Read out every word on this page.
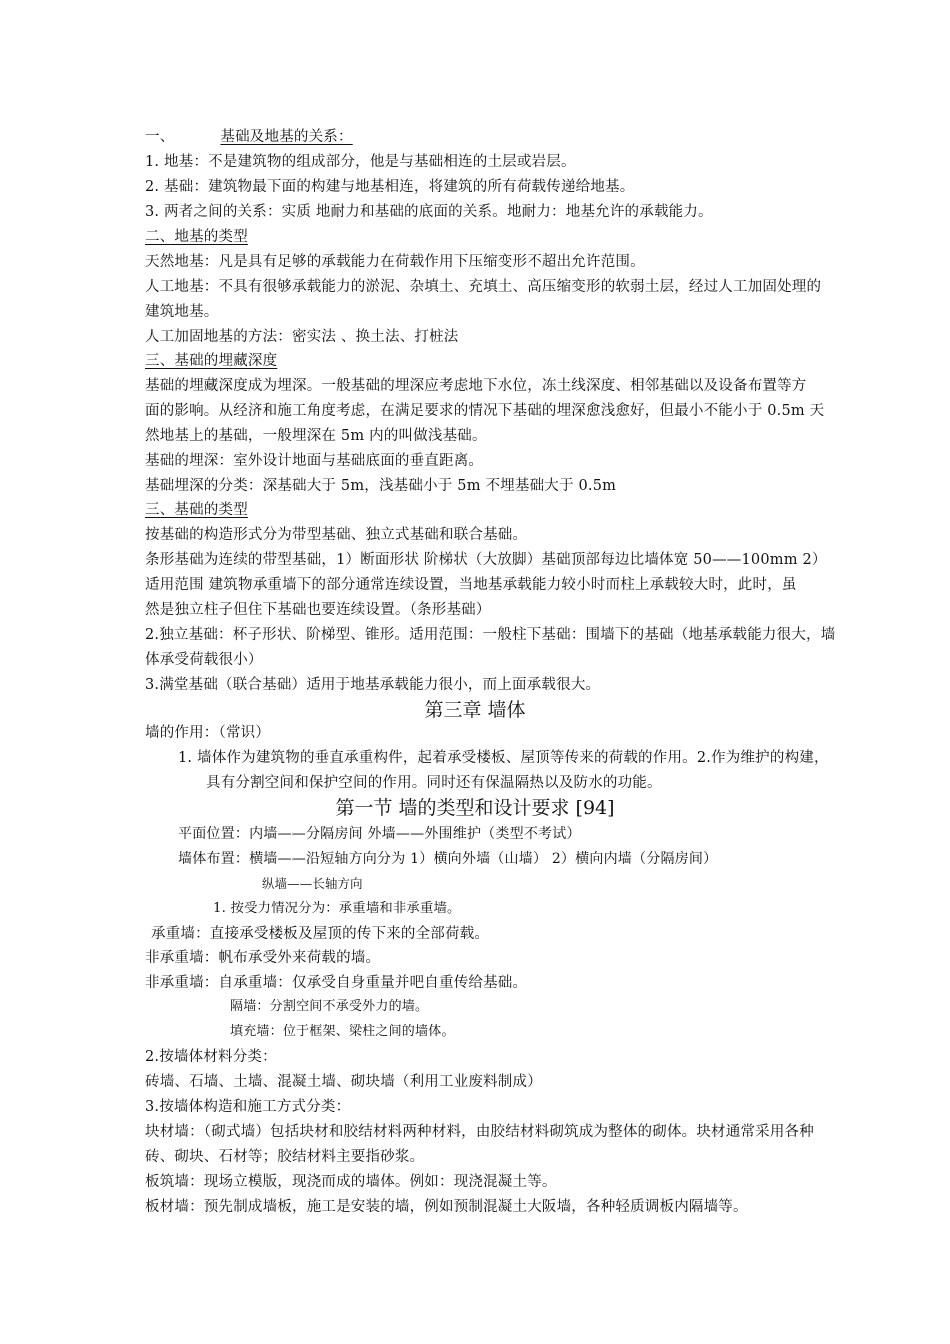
一、	基础及地基的关系：
1. 地基：不是建筑物的组成部分，他是与基础相连的土层或岩层。
2. 基础：建筑物最下面的构建与地基相连，将建筑的所有荷载传递给地基。
3. 两者之间的关系：实质 地耐力和基础的底面的关系。地耐力：地基允许的承载能力。
二、地基的类型
天然地基：凡是具有足够的承载能力在荷载作用下压缩变形不超出允许范围。
人工地基：不具有很够承载能力的淤泥、杂填土、充填土、高压缩变形的软弱土层，经过人工加固处理的
建筑地基。
人工加固地基的方法：密实法 、换土法、打桩法
三、基础的埋藏深度
基础的埋藏深度成为埋深。一般基础的埋深应考虑地下水位，冻土线深度、相邻基础以及设备布置等方
面的影响。从经济和施工角度考虑，在满足要求的情况下基础的埋深愈浅愈好，但最小不能小于 0.5m 天
然地基上的基础，一般埋深在 5m 内的叫做浅基础。
基础的埋深：室外设计地面与基础底面的垂直距离。
基础埋深的分类：深基础大于 5m，浅基础小于 5m 不埋基础大于 0.5m
三、基础的类型
按基础的构造形式分为带型基础、独立式基础和联合基础。
条形基础为连续的带型基础，1）断面形状 阶梯状（大放脚）基础顶部每边比墙体宽 50——100mm 2）
适用范围 建筑物承重墙下的部分通常连续设置，当地基承载能力较小时而柱上承载较大时，此时，虽
然是独立柱子但住下基础也要连续设置。（条形基础）
2.独立基础：杯子形状、阶梯型、锥形。适用范围：一般柱下基础：围墙下的基础（地基承载能力很大，墙
体承受荷载很小）
3.满堂基础（联合基础）适用于地基承载能力很小，而上面承载很大。
第三章 墙体
墙的作用：（常识）
1. 墙体作为建筑物的垂直承重构件，起着承受楼板、屋顶等传来的荷载的作用。2.作为维护的构建，
具有分割空间和保护空间的作用。同时还有保温隔热以及防水的功能。
第一节 墙的类型和设计要求 [94]
平面位置：内墙——分隔房间 外墙——外围维护（类型不考试）
墙体布置：横墙——沿短轴方向分为 1）横向外墙（山墙） 2）横向内墙（分隔房间）
纵墙——长轴方向
1. 按受力情况分为：承重墙和非承重墙。
承重墙：直接承受楼板及屋顶的传下来的全部荷载。
非承重墙：帆布承受外来荷载的墙。
非承重墙：自承重墙：仅承受自身重量并吧自重传给基础。
隔墙：分割空间不承受外力的墙。
填充墙：位于框架、梁柱之间的墙体。
2.按墙体材料分类：
砖墙、石墙、土墙、混凝土墙、砌块墙（利用工业废料制成）
3.按墙体构造和施工方式分类：
块材墙：（砌式墙）包括块材和胶结材料两种材料，由胶结材料砌筑成为整体的砌体。块材通常采用各种
砖、砌块、石材等；胶结材料主要指砂浆。
板筑墙：现场立模版，现浇而成的墙体。例如：现浇混凝土等。
板材墙：预先制成墙板，施工是安装的墙，例如预制混凝土大阪墙，各种轻质调板内隔墙等。
